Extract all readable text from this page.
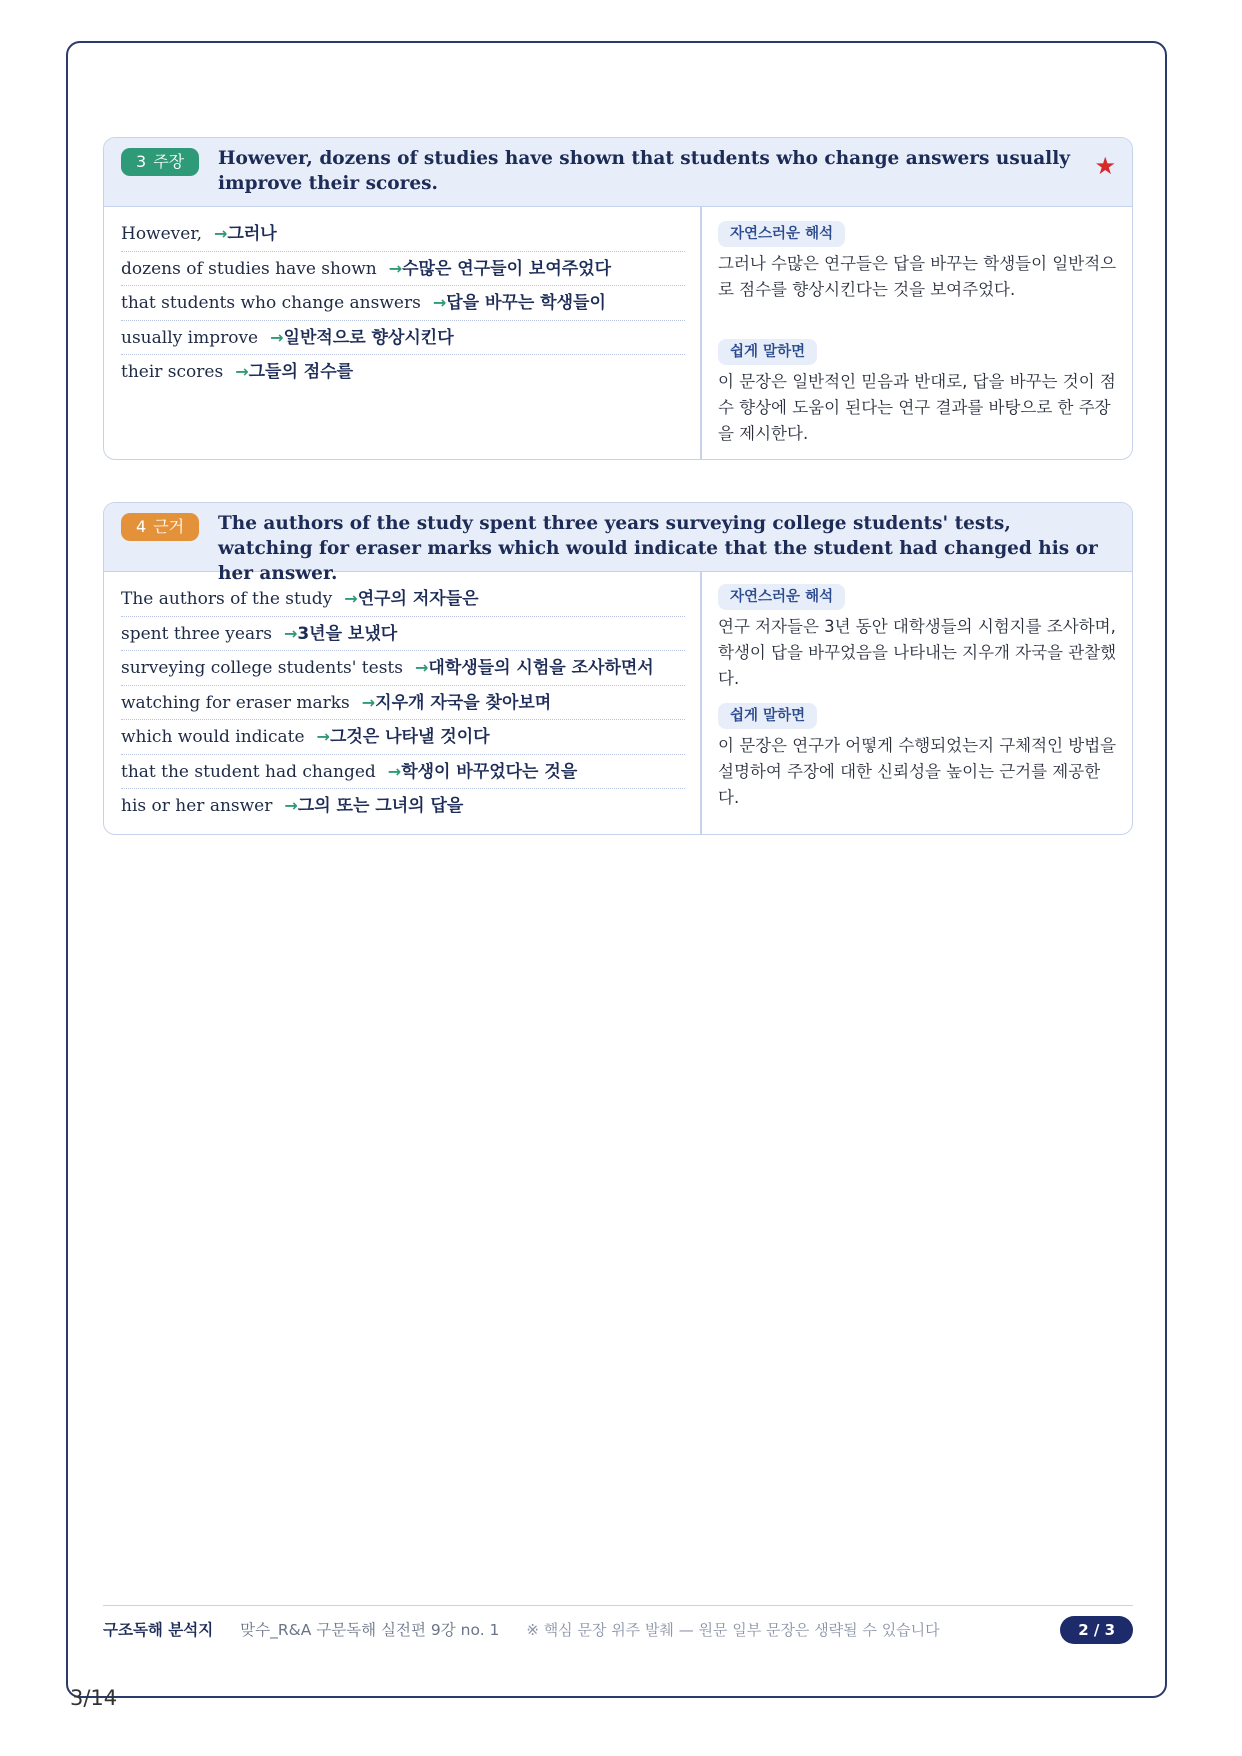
3 주장	However, dozens of studies have shown that students who change answers usually improve their scores.
★
However, →그러나
dozens of studies have shown →수많은 연구들이 보여주었다
that students who change answers →답을 바꾸는 학생들이
usually improve →일반적으로 향상시킨다
their scores →그들의 점수를
자연스러운 해석
그러나 수많은 연구들은 답을 바꾸는 학생들이 일반적으로 점수를 향상시킨다는 것을 보여주었다.
쉽게 말하면
이 문장은 일반적인 믿음과 반대로, 답을 바꾸는 것이 점수 향상에 도움이 된다는 연구 결과를 바탕으로 한 주장을 제시한다.
4 근거	The authors of the study spent three years surveying college students' tests, watching for eraser marks which would indicate that the student had changed his or her answer.
The authors of the study →연구의 저자들은
spent three years →3년을 보냈다
surveying college students' tests →대학생들의 시험을 조사하면서
watching for eraser marks →지우개 자국을 찾아보며
which would indicate →그것은 나타낼 것이다
that the student had changed →학생이 바꾸었다는 것을
his or her answer →그의 또는 그녀의 답을
자연스러운 해석
연구 저자들은 3년 동안 대학생들의 시험지를 조사하며, 학생이 답을 바꾸었음을 나타내는 지우개 자국을 관찰했다.
쉽게 말하면
이 문장은 연구가 어떻게 수행되었는지 구체적인 방법을 설명하여 주장에 대한 신뢰성을 높이는 근거를 제공한다.
구조독해 분석지 맞수_R&A 구문독해 실전편 9강 no. 1 ※ 핵심 문장 위주 발췌 — 원문 일부 문장은 생략될 수 있습니다	2 / 3
3/14
